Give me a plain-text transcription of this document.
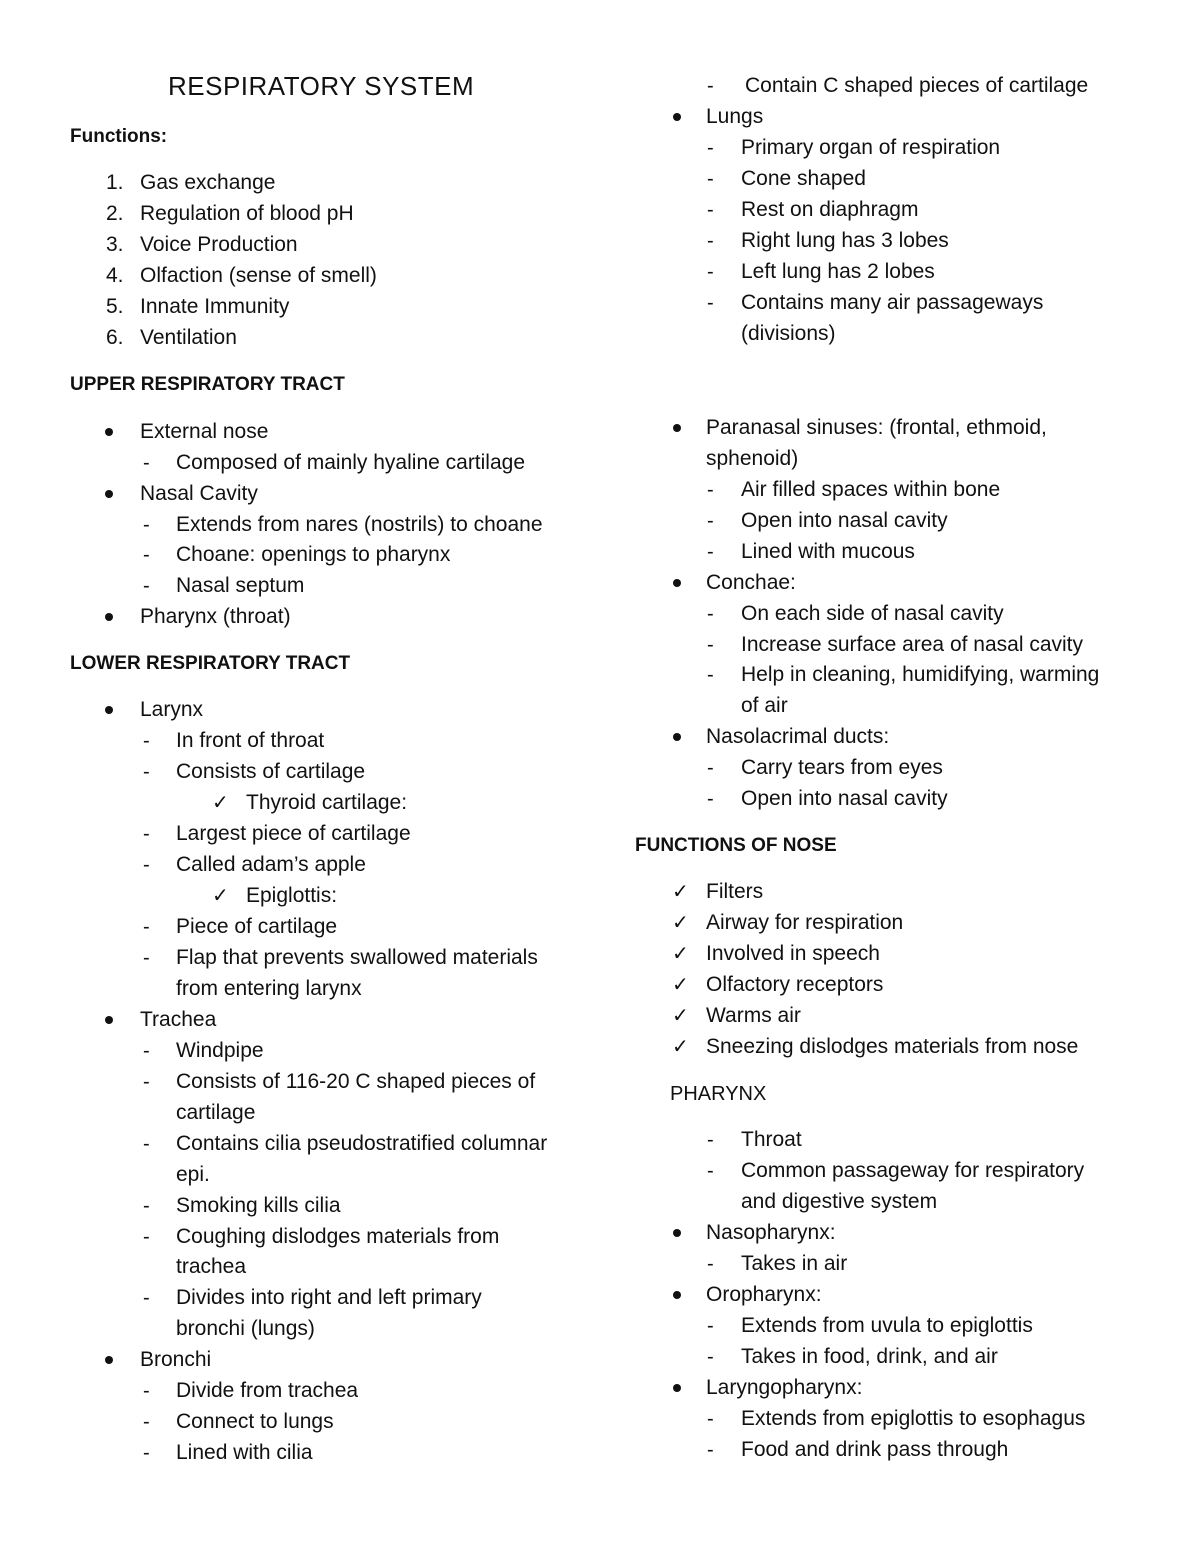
RESPIRATORY SYSTEM
Functions:
1. Gas exchange
2. Regulation of blood pH
3. Voice Production
4. Olfaction (sense of smell)
5. Innate Immunity
6. Ventilation
UPPER RESPIRATORY TRACT
External nose
- Composed of mainly hyaline cartilage
Nasal Cavity
- Extends from nares (nostrils) to choane
- Choane: openings to pharynx
- Nasal septum
Pharynx (throat)
LOWER RESPIRATORY TRACT
Larynx
- In front of throat
- Consists of cartilage
✓ Thyroid cartilage:
- Largest piece of cartilage
- Called adam’s apple
✓ Epiglottis:
- Piece of cartilage
- Flap that prevents swallowed materials
from entering larynx
Trachea
- Windpipe
- Consists of 116-20 C shaped pieces of
cartilage
- Contains cilia pseudostratified columnar
epi.
- Smoking kills cilia
- Coughing dislodges materials from
trachea
- Divides into right and left primary
bronchi (lungs)
Bronchi
- Divide from trachea
- Connect to lungs
- Lined with cilia
- Contain C shaped pieces of cartilage
Lungs
- Primary organ of respiration
- Cone shaped
- Rest on diaphragm
- Right lung has 3 lobes
- Left lung has 2 lobes
- Contains many air passageways
(divisions)
Paranasal sinuses: (frontal, ethmoid,
sphenoid)
- Air filled spaces within bone
- Open into nasal cavity
- Lined with mucous
Conchae:
- On each side of nasal cavity
- Increase surface area of nasal cavity
- Help in cleaning, humidifying, warming
of air
Nasolacrimal ducts:
- Carry tears from eyes
- Open into nasal cavity
FUNCTIONS OF NOSE
✓ Filters
✓ Airway for respiration
✓ Involved in speech
✓ Olfactory receptors
✓ Warms air
✓ Sneezing dislodges materials from nose
PHARYNX
- Throat
- Common passageway for respiratory
and digestive system
Nasopharynx:
- Takes in air
Oropharynx:
- Extends from uvula to epiglottis
- Takes in food, drink, and air
Laryngopharynx:
- Extends from epiglottis to esophagus
- Food and drink pass through
